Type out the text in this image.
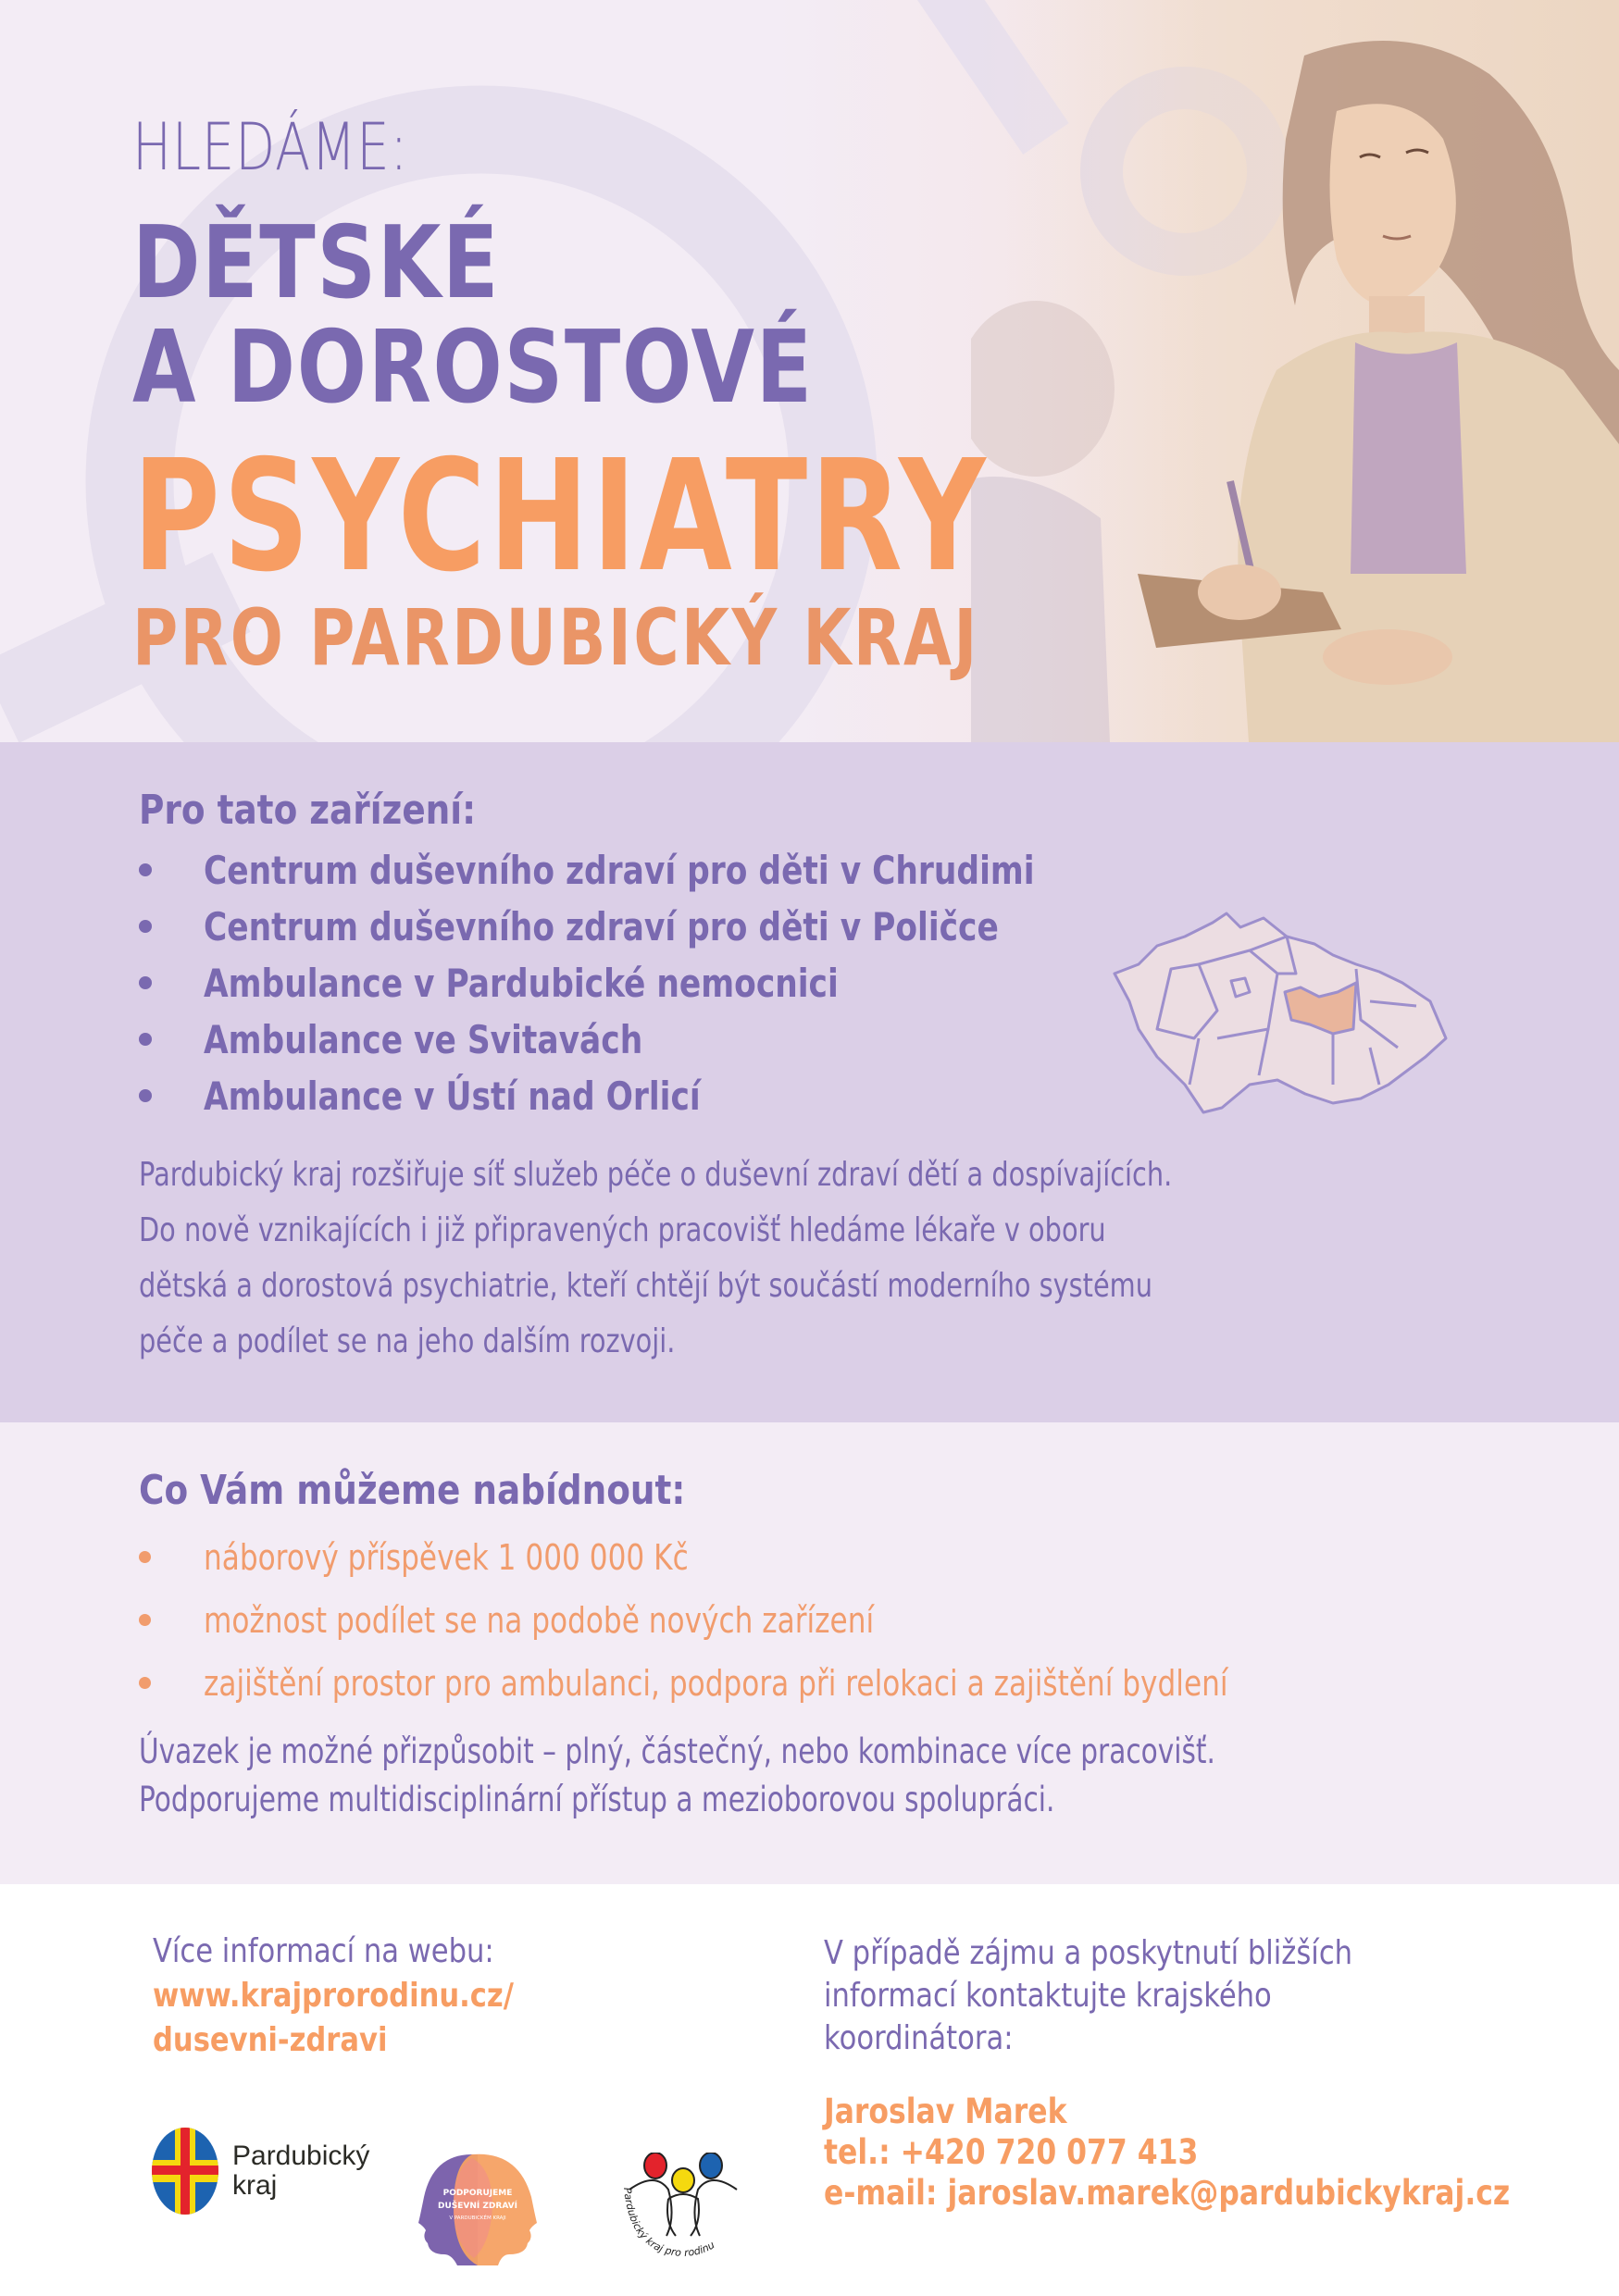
HLEDÁME:
DĚTSKÉ
A DOROSTOVÉ
PSYCHIATRY
PRO PARDUBICKÝ KRAJ
Pro tato zařízení:
Centrum duševního zdraví pro děti v Chrudimi
Centrum duševního zdraví pro děti v Poličce
Ambulance v Pardubické nemocnici
Ambulance ve Svitavách
Ambulance v Ústí nad Orlicí
Pardubický kraj rozšiřuje síť služeb péče o duševní zdraví dětí a dospívajících.
Do nově vznikajících i již připravených pracovišť hledáme lékaře v oboru
dětská a dorostová psychiatrie, kteří chtějí být součástí moderního systému
péče a podílet se na jeho dalším rozvoji.
Co Vám můžeme nabídnout:
náborový příspěvek 1 000 000 Kč
možnost podílet se na podobě nových zařízení
zajištění prostor pro ambulanci, podpora při relokaci a zajištění bydlení
Úvazek je možné přizpůsobit – plný, částečný, nebo kombinace více pracovišť.
Podporujeme multidisciplinární přístup a mezioborovou spolupráci.
Více informací na webu:
www.krajprorodinu.cz/
dusevni-zdravi
V případě zájmu a poskytnutí bližších
informací kontaktujte krajského
koordinátora:
Jaroslav Marek
tel.: +420 720 077 413
e-mail: jaroslav.marek@pardubickykraj.cz
Pardubický
kraj	PODPORUJEME
DUŠEVNÍ ZDRAVÍ
V PARDUBICKÉM KRAJI
Pardubický kraj pro rodinu
